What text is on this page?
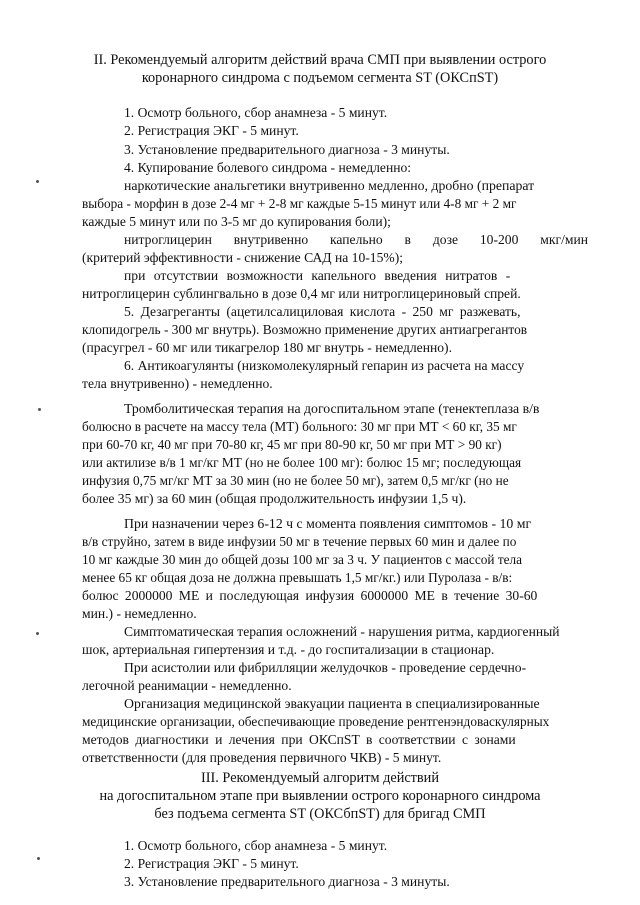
II. Рекомендуемый алгоритм действий врача СМП при выявлении острого
коронарного синдрома с подъемом сегмента ST (ОКСпST)
1. Осмотр больного, сбор анамнеза - 5 минут.
2. Регистрация ЭКГ - 5 минут.
3. Установление предварительного диагноза - 3 минуты.
4. Купирование болевого синдрома - немедленно:
наркотические анальгетики внутривенно медленно, дробно (препарат
выбора - морфин в дозе 2-4 мг + 2-8 мг каждые 5-15 минут или 4-8 мг + 2 мг
каждые 5 минут или по 3-5 мг до купирования боли);
нитроглицерин внутривенно капельно в дозе 10-200 мкг/мин
(критерий эффективности - снижение САД на 10-15%);
при отсутствии возможности капельного введения нитратов -
нитроглицерин сублингвально в дозе 0,4 мг или нитроглицериновый спрей.
5. Дезагреганты (ацетилсалициловая кислота - 250 мг разжевать,
клопидогрель - 300 мг внутрь). Возможно применение других антиагрегантов
(прасугрел - 60 мг или тикагрелор 180 мг внутрь - немедленно).
6. Антикоагулянты (низкомолекулярный гепарин из расчета на массу
тела внутривенно) - немедленно.
Тромболитическая терапия на догоспитальном этапе (тенектеплаза в/в
болюсно в расчете на массу тела (МТ) больного: 30 мг при МТ < 60 кг, 35 мг
при 60-70 кг, 40 мг при 70-80 кг, 45 мг при 80-90 кг, 50 мг при МТ > 90 кг)
или актилизе в/в 1 мг/кг МТ (но не более 100 мг): болюс 15 мг; последующая
инфузия 0,75 мг/кг МТ за 30 мин (но не более 50 мг), затем 0,5 мг/кг (но не
более 35 мг) за 60 мин (общая продолжительность инфузии 1,5 ч).
При назначении через 6-12 ч с момента появления симптомов - 10 мг
в/в струйно, затем в виде инфузии 50 мг в течение первых 60 мин и далее по
10 мг каждые 30 мин до общей дозы 100 мг за 3 ч. У пациентов с массой тела
менее 65 кг общая доза не должна превышать 1,5 мг/кг.) или Пуролаза - в/в:
болюс 2000000 МЕ и последующая инфузия 6000000 МЕ в течение 30-60
мин.) - немедленно.
Симптоматическая терапия осложнений - нарушения ритма, кардиогенный
шок, артериальная гипертензия и т.д. - до госпитализации в стационар.
При асистолии или фибрилляции желудочков - проведение сердечно-
легочной реанимации - немедленно.
Организация медицинской эвакуации пациента в специализированные
медицинские организации, обеспечивающие проведение рентгенэндоваскулярных
методов диагностики и лечения при ОКСпST в соответствии с зонами
ответственности (для проведения первичного ЧКВ) - 5 минут.
III. Рекомендуемый алгоритм действий
на догоспитальном этапе при выявлении острого коронарного синдрома
без подъема сегмента ST (ОКСбпST) для бригад СМП
1. Осмотр больного, сбор анамнеза - 5 минут.
2. Регистрация ЭКГ - 5 минут.
3. Установление предварительного диагноза - 3 минуты.
